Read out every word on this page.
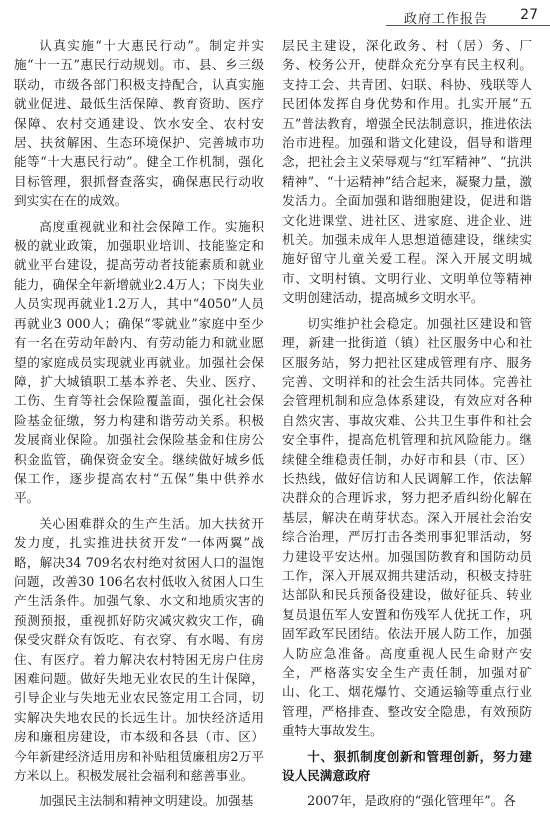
政府工作报告 27

认真实施“十大惠民行动”。制定并实施“十一五”惠民行动规划。市、县、乡三级联动，市级各部门积极支持配合，认真实施就业促进、最低生活保障、教育资助、医疗保障、农村交通建设、饮水安全、农村安居、扶贫解困、生态环境保护、完善城市功能等“十大惠民行动”。健全工作机制，强化目标管理，狠抓督查落实，确保惠民行动收到实实在在的成效。

高度重视就业和社会保障工作。实施积极的就业政策，加强职业培训、技能鉴定和就业平台建设，提高劳动者技能素质和就业能力，确保全年新增就业2.4万人；下岗失业人员实现再就业1.2万人，其中“4050”人员再就业3 000人；确保“零就业”家庭中至少有一名在劳动年龄内、有劳动能力和就业愿望的家庭成员实现就业再就业。加强社会保障，扩大城镇职工基本养老、失业、医疗、工伤、生育等社会保险覆盖面，强化社会保险基金征缴，努力构建和谐劳动关系。积极发展商业保险。加强社会保险基金和住房公积金监管，确保资金安全。继续做好城乡低保工作，逐步提高农村“五保”集中供养水平。

关心困难群众的生产生活。加大扶贫开发力度，扎实推进扶贫开发“一体两翼”战略，解决34 709名农村绝对贫困人口的温饱问题，改善30 106名农村低收入贫困人口生产生活条件。加强气象、水文和地质灾害的预测预报，重视抓好防灾减灾救灾工作，确保受灾群众有饭吃、有衣穿、有水喝、有房住、有医疗。着力解决农村特困无房户住房困难问题。做好失地无业农民的生计保障，引导企业与失地无业农民签定用工合同，切实解决失地农民的长远生计。加快经济适用房和廉租房建设，市本级和各县（市、区）今年新建经济适用房和补贴租赁廉租房2万平方米以上。积极发展社会福利和慈善事业。

加强民主法制和精神文明建设。加强基

层民主建设，深化政务、村（居）务、厂务、校务公开，使群众充分享有民主权利。支持工会、共青团、妇联、科协、残联等人民团体发挥自身优势和作用。扎实开展“五五”普法教育，增强全民法制意识，推进依法治市进程。加强和谐文化建设，倡导和谐理念，把社会主义荣辱观与“红军精神”、“抗洪精神”、“十运精神”结合起来，凝聚力量，激发活力。全面加强和谐细胞建设，促进和谐文化进课堂、进社区、进家庭、进企业、进机关。加强未成年人思想道德建设，继续实施好留守儿童关爱工程。深入开展文明城市、文明村镇、文明行业、文明单位等精神文明创建活动，提高城乡文明水平。

切实维护社会稳定。加强社区建设和管理，新建一批街道（镇）社区服务中心和社区服务站，努力把社区建成管理有序、服务完善、文明祥和的社会生活共同体。完善社会管理机制和应急体系建设，有效应对各种自然灾害、事故灾难、公共卫生事件和社会安全事件，提高危机管理和抗风险能力。继续健全维稳责任制，办好市和县（市、区）长热线，做好信访和人民调解工作，依法解决群众的合理诉求，努力把矛盾纠纷化解在基层，解决在萌芽状态。深入开展社会治安综合治理，严厉打击各类刑事犯罪活动，努力建设平安达州。加强国防教育和国防动员工作，深入开展双拥共建活动，积极支持驻达部队和民兵预备役建设，做好征兵、转业复员退伍军人安置和伤残军人优抚工作，巩固军政军民团结。依法开展人防工作，加强人防应急准备。高度重视人民生命财产安全，严格落实安全生产责任制，加强对矿山、化工、烟花爆竹、交通运输等重点行业管理，严格排查、整改安全隐患，有效预防重特大事故发生。

十、狠抓制度创新和管理创新，努力建设人民满意政府

2007年，是政府的“强化管理年”。各
